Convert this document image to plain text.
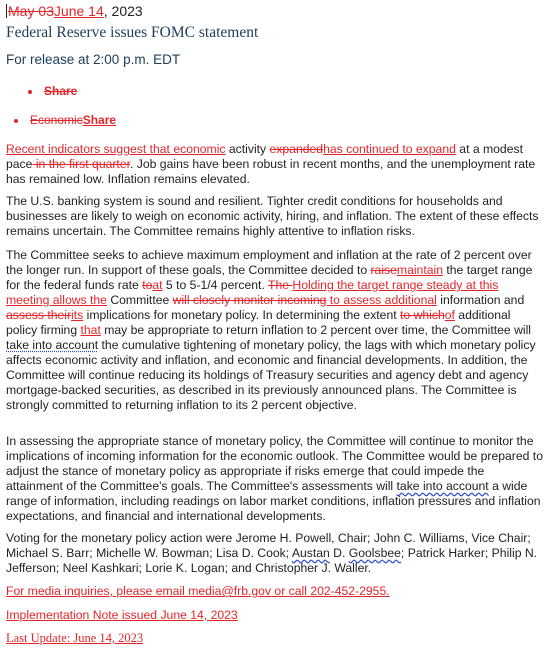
May 03June 14, 2023
Federal Reserve issues FOMC statement
For release at 2:00 p.m. EDT
Share
EconomicShare

Recent indicators suggest that economic activity expandedhas continued to expand at a modest pace in the first quarter. Job gains have been robust in recent months, and the unemployment rate has remained low. Inflation remains elevated.

The U.S. banking system is sound and resilient. Tighter credit conditions for households and businesses are likely to weigh on economic activity, hiring, and inflation. The extent of these effects remains uncertain. The Committee remains highly attentive to inflation risks.

The Committee seeks to achieve maximum employment and inflation at the rate of 2 percent over the longer run. In support of these goals, the Committee decided to raisemaintain the target range for the federal funds rate toat 5 to 5-1/4 percent. The Holding the target range steady at this meeting allows the Committee will closely monitor incoming to assess additional information and assess theirits implications for monetary policy. In determining the extent to whichof additional policy firming that may be appropriate to return inflation to 2 percent over time, the Committee will take into account the cumulative tightening of monetary policy, the lags with which monetary policy affects economic activity and inflation, and economic and financial developments. In addition, the Committee will continue reducing its holdings of Treasury securities and agency debt and agency mortgage-backed securities, as described in its previously announced plans. The Committee is strongly committed to returning inflation to its 2 percent objective.

In assessing the appropriate stance of monetary policy, the Committee will continue to monitor the implications of incoming information for the economic outlook. The Committee would be prepared to adjust the stance of monetary policy as appropriate if risks emerge that could impede the attainment of the Committee's goals. The Committee's assessments will take into account a wide range of information, including readings on labor market conditions, inflation pressures and inflation expectations, and financial and international developments.

Voting for the monetary policy action were Jerome H. Powell, Chair; John C. Williams, Vice Chair; Michael S. Barr; Michelle W. Bowman; Lisa D. Cook; Austan D. Goolsbee; Patrick Harker; Philip N. Jefferson; Neel Kashkari; Lorie K. Logan; and Christopher J. Waller.

For media inquiries, please email media@frb.gov or call 202-452-2955.

Implementation Note issued June 14, 2023

Last Update: June 14, 2023
